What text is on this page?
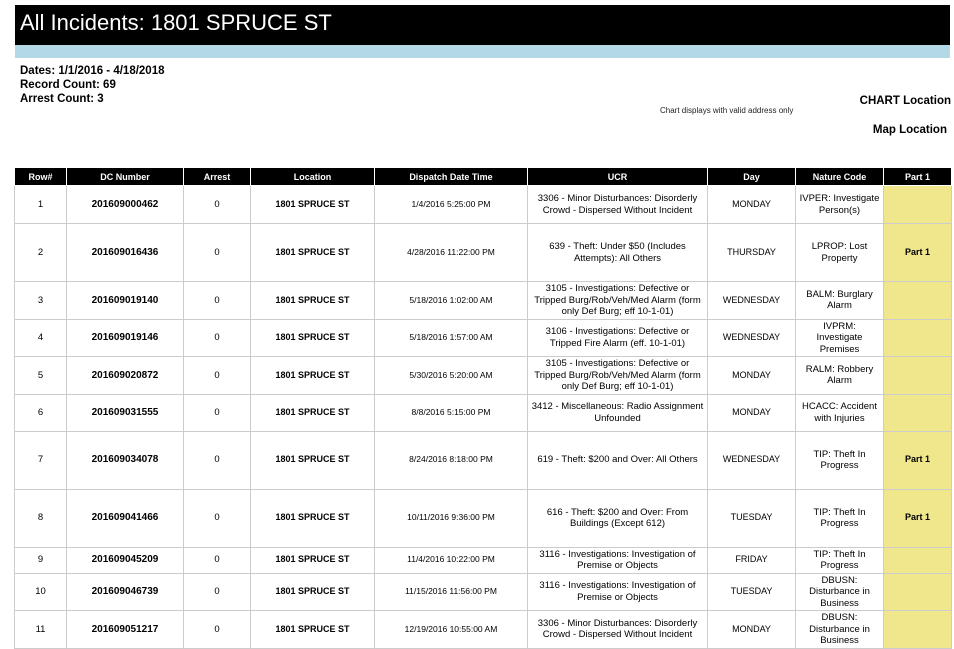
All Incidents: 1801 SPRUCE ST
Dates: 1/1/2016 - 4/18/2018
Record Count: 69
Arrest Count: 3
Chart displays with valid address only
CHART Location
Map Location
Row#	DC Number	Arrest	Location	Dispatch Date Time	UCR	Day	Nature Code	Part 1
1	201609000462	0	1801 SPRUCE ST	1/4/2016 5:25:00 PM	3306 - Minor Disturbances: Disorderly Crowd - Dispersed Without Incident	MONDAY	IVPER: Investigate Person(s)	
2	201609016436	0	1801 SPRUCE ST	4/28/2016 11:22:00 PM	639 - Theft: Under $50 (Includes Attempts): All Others	THURSDAY	LPROP: Lost Property	Part 1
3	201609019140	0	1801 SPRUCE ST	5/18/2016 1:02:00 AM	3105 - Investigations: Defective or Tripped Burg/Rob/Veh/Med Alarm (form only Def Burg; eff 10-1-01)	WEDNESDAY	BALM: Burglary Alarm	
4	201609019146	0	1801 SPRUCE ST	5/18/2016 1:57:00 AM	3106 - Investigations: Defective or Tripped Fire Alarm (eff. 10-1-01)	WEDNESDAY	IVPRM: Investigate Premises	
5	201609020872	0	1801 SPRUCE ST	5/30/2016 5:20:00 AM	3105 - Investigations: Defective or Tripped Burg/Rob/Veh/Med Alarm (form only Def Burg; eff 10-1-01)	MONDAY	RALM: Robbery Alarm	
6	201609031555	0	1801 SPRUCE ST	8/8/2016 5:15:00 PM	3412 - Miscellaneous: Radio Assignment Unfounded	MONDAY	HCACC: Accident with Injuries	
7	201609034078	0	1801 SPRUCE ST	8/24/2016 8:18:00 PM	619 - Theft: $200 and Over: All Others	WEDNESDAY	TIP: Theft In Progress	Part 1
8	201609041466	0	1801 SPRUCE ST	10/11/2016 9:36:00 PM	616 - Theft: $200 and Over: From Buildings (Except 612)	TUESDAY	TIP: Theft In Progress	Part 1
9	201609045209	0	1801 SPRUCE ST	11/4/2016 10:22:00 PM	3116 - Investigations: Investigation of Premise or Objects	FRIDAY	TIP: Theft In Progress	
10	201609046739	0	1801 SPRUCE ST	11/15/2016 11:56:00 PM	3116 - Investigations: Investigation of Premise or Objects	TUESDAY	DBUSN: Disturbance in Business	
11	201609051217	0	1801 SPRUCE ST	12/19/2016 10:55:00 AM	3306 - Minor Disturbances: Disorderly Crowd - Dispersed Without Incident	MONDAY	DBUSN: Disturbance in Business	
